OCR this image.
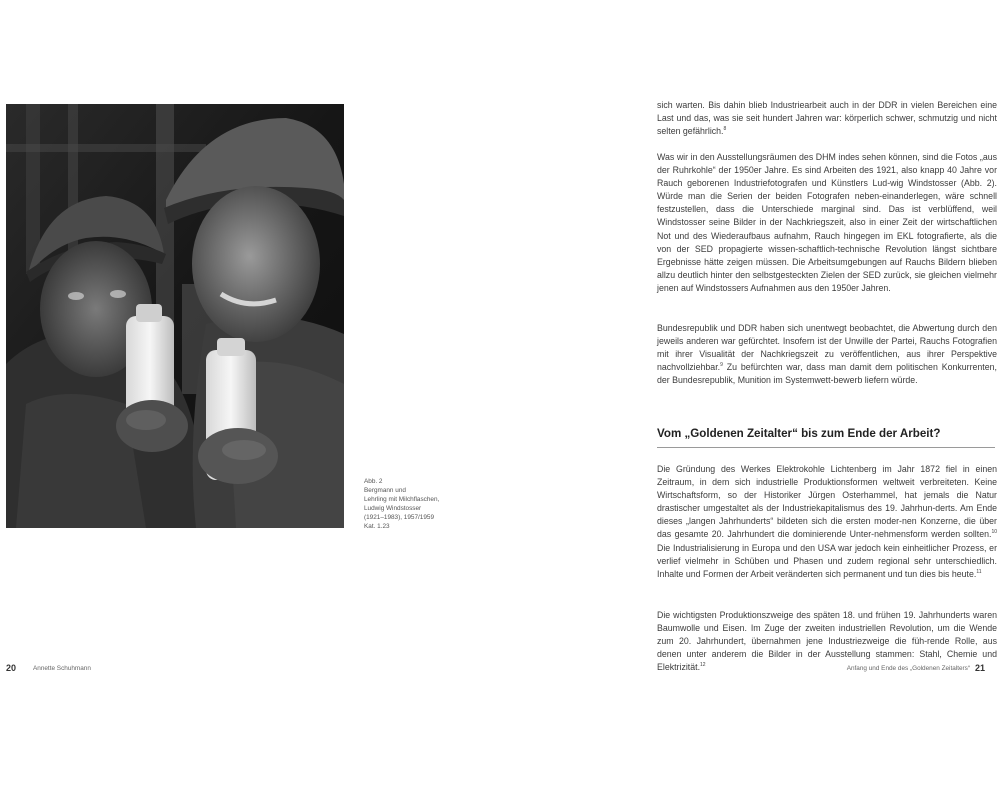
Abb. 2
Bergmann und
Lehrling mit Milchflaschen,
Ludwig Windstosser
(1921–1983), 1957/1959
Kat. 1.23
20	Annette Schuhmann

sich warten. Bis dahin blieb Industriearbeit auch in der DDR in vielen Bereichen eine Last und das, was sie seit hundert Jahren war: körperlich schwer, schmutzig und nicht selten gefährlich.$^8$

Was wir in den Ausstellungsräumen des DHM indes sehen können, sind die Fotos „aus der Ruhrkohle“ der 1950er Jahre. Es sind Arbeiten des 1921, also knapp 40 Jahre vor Rauch geborenen Industriefotografen und Künstlers Lud-wig Windstosser (Abb. 2). Würde man die Serien der beiden Fotografen neben-einanderlegen, wäre schnell festzustellen, dass die Unterschiede marginal sind. Das ist verblüffend, weil Windstosser seine Bilder in der Nachkriegszeit, also in einer Zeit der wirtschaftlichen Not und des Wiederaufbaus aufnahm, Rauch hingegen im EKL fotografierte, als die von der SED propagierte wissen-schaftlich-technische Revolution längst sichtbare Ergebnisse hätte zeigen müssen. Die Arbeitsumgebungen auf Rauchs Bildern blieben allzu deutlich hinter den selbstgesteckten Zielen der SED zurück, sie gleichen vielmehr jenen auf Windstossers Aufnahmen aus den 1950er Jahren.

Bundesrepublik und DDR haben sich unentwegt beobachtet, die Abwertung durch den jeweils anderen war gefürchtet. Insofern ist der Unwille der Partei, Rauchs Fotografien mit ihrer Visualität der Nachkriegszeit zu veröffentlichen, aus ihrer Perspektive nachvollziehbar.$^9$ Zu befürchten war, dass man damit dem politischen Konkurrenten, der Bundesrepublik, Munition im Systemwett-bewerb liefern würde.

Vom „Goldenen Zeitalter“ bis zum Ende der Arbeit?

Die Gründung des Werkes Elektrokohle Lichtenberg im Jahr 1872 fiel in einen Zeitraum, in dem sich industrielle Produktionsformen weltweit verbreiteten. Keine Wirtschaftsform, so der Historiker Jürgen Osterhammel, hat jemals die Natur drastischer umgestaltet als der Industriekapitalismus des 19. Jahrhun-derts. Am Ende dieses „langen Jahrhunderts“ bildeten sich die ersten moder-nen Konzerne, die über das gesamte 20. Jahrhundert die dominierende Unter-nehmensform werden sollten.$^{10}$ Die Industrialisierung in Europa und den USA war jedoch kein einheitlicher Prozess, er verlief vielmehr in Schüben und Phasen und zudem regional sehr unterschiedlich. Inhalte und Formen der Arbeit veränderten sich permanent und tun dies bis heute.$^{11}$

Die wichtigsten Produktionszweige des späten 18. und frühen 19. Jahrhunderts waren Baumwolle und Eisen. Im Zuge der zweiten industriellen Revolution, um die Wende zum 20. Jahrhundert, übernahmen jene Industriezweige die füh-rende Rolle, aus denen unter anderem die Bilder in der Ausstellung stammen: Stahl, Chemie und Elektrizität.$^{12}$	Anfang und Ende des „Goldenen Zeitalters“ 21
